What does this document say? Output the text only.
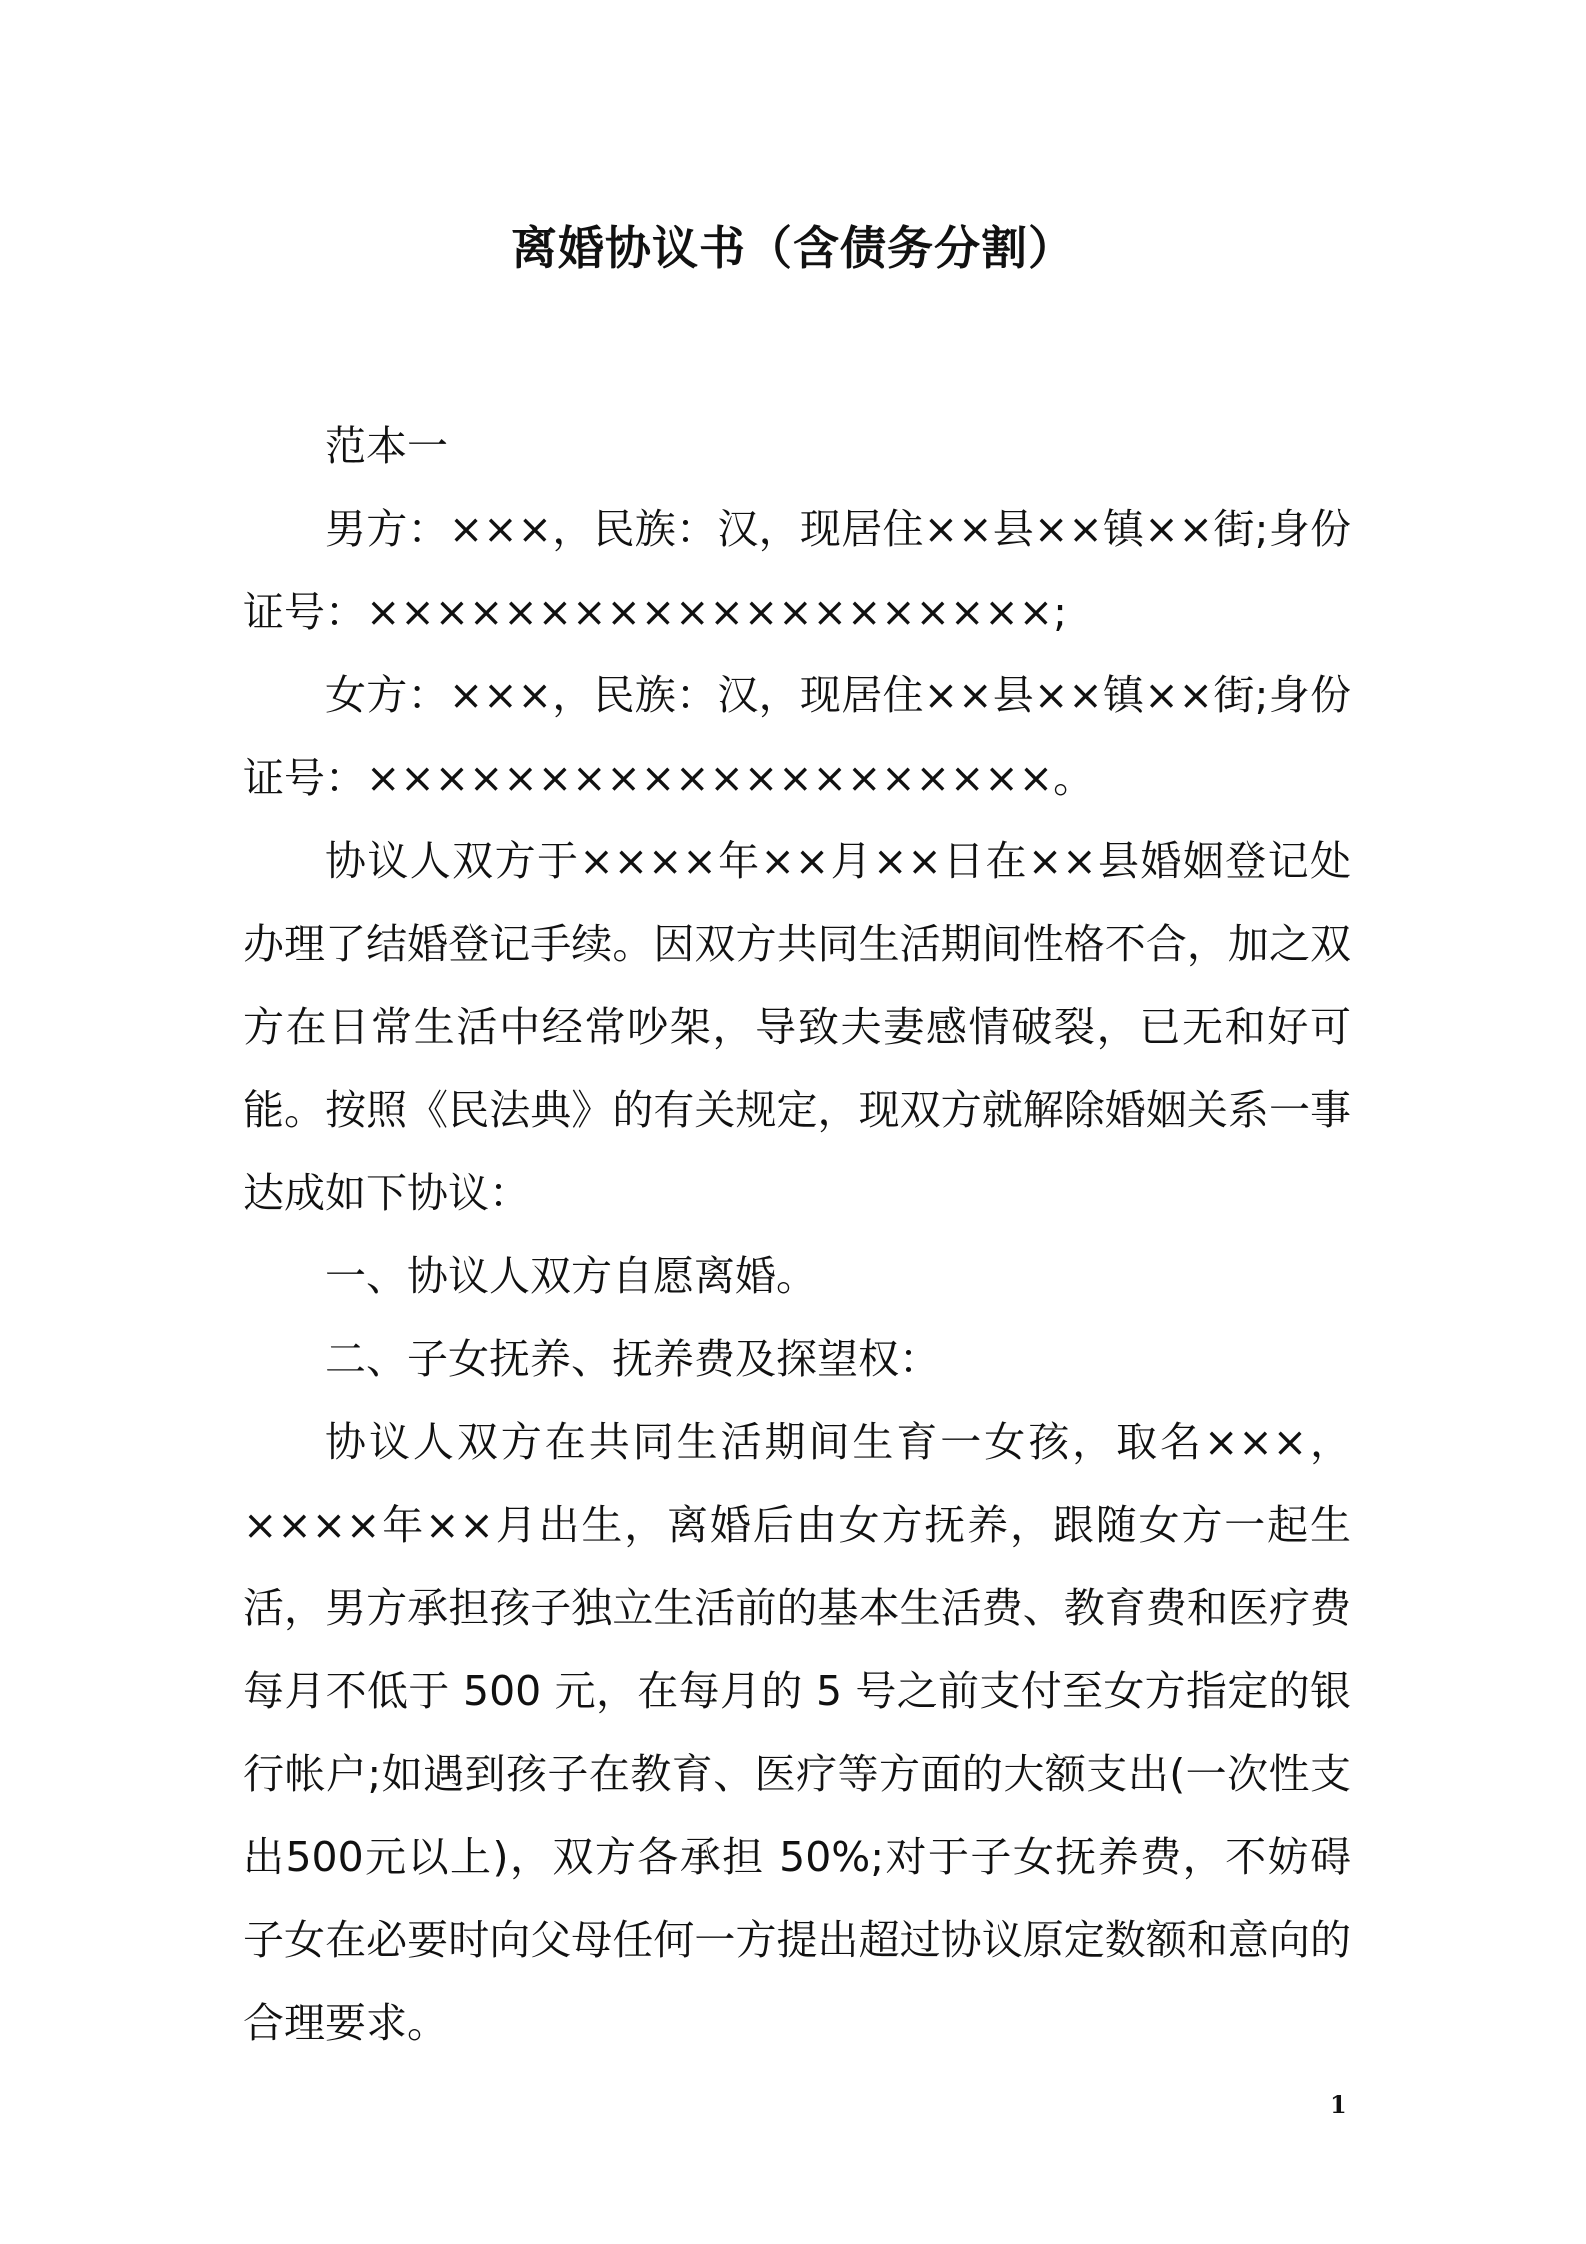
离婚协议书（含债务分割）

范本一

男方：×××，民族：汉，现居住××县××镇××街;身份证号：××××××××××××××××××××;

女方：×××，民族：汉，现居住××县××镇××街;身份证号：××××××××××××××××××××。

协议人双方于××××年××月××日在××县婚姻登记处办理了结婚登记手续。因双方共同生活期间性格不合，加之双方在日常生活中经常吵架，导致夫妻感情破裂，已无和好可能。按照《民法典》的有关规定，现双方就解除婚姻关系一事达成如下协议：

一、协议人双方自愿离婚。

二、子女抚养、抚养费及探望权：

协议人双方在共同生活期间生育一女孩，取名×××，××××年××月出生，离婚后由女方抚养，跟随女方一起生活，男方承担孩子独立生活前的基本生活费、教育费和医疗费每月不低于 500 元，在每月的 5 号之前支付至女方指定的银行帐户;如遇到孩子在教育、医疗等方面的大额支出(一次性支出500元以上)，双方各承担 50%;对于子女抚养费，不妨碍子女在必要时向父母任何一方提出超过协议原定数额和意向的合理要求。

1
